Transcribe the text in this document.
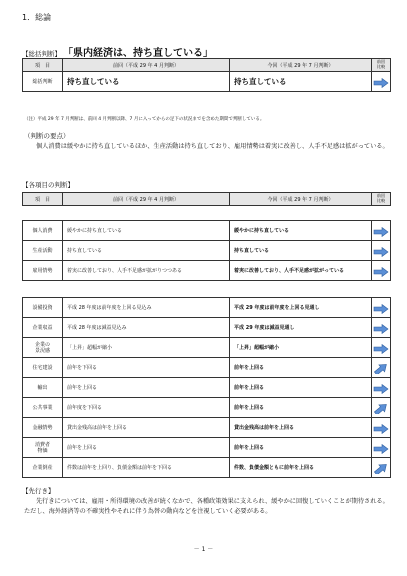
1．総論
【総括判断】 「県内経済は、持ち直している」
項　目	前回（平成 29 年 4 月判断）	今回（平成 29 年 7 月判断）	前回
比較
総括判断	持ち直している	持ち直している	
（注）平成 29 年 7 月判断は、前回 4 月判断以降、7 月に入ってからの足下の状況までを含めた期間で判断している。
（判断の要点）
個人消費は緩やかに持ち直しているほか、生産活動は持ち直しており、雇用情勢は着実に改善し、人手不足感は拡がっている。
【各項目の判断】
項　目	前回（平成 29 年 4 月判断）	今回（平成 29 年 7 月判断）	前回
比較
個人消費	緩やかに持ち直している	緩やかに持ち直している	
生産活動	持ち直している	持ち直している	
雇用情勢	着実に改善しており、人手不足感が拡がりつつある	着実に改善しており、人手不足感が拡がっている	
設備投資	平成 28 年度は前年度を上回る見込み	平成 29 年度は前年度を上回る見通し	
企業収益	平成 28 年度は減益見込み	平成 29 年度は減益見通し	
企業の
景況感	「上昇」超幅が縮小	「上昇」超幅が縮小	
住宅建設	前年を下回る	前年を上回る	
輸出	前年を上回る	前年を上回る	
公共事業	前年度を下回る	前年を上回る	
金融情勢	貸出金残高は前年を上回る	貸出金残高は前年を上回る	
消費者
物価	前年を上回る	前年を上回る	
企業倒産	件数は前年を上回り、負債金額は前年を下回る	件数、負債金額ともに前年を上回る	
【先行き】
先行きについては、雇用・所得環境の改善が続くなかで、各種政策効果に支えられ、緩やかに回復していくことが期待される。ただし、海外経済等の不確実性やそれに伴う為替の動向などを注視していく必要がある。
－ 1 －
